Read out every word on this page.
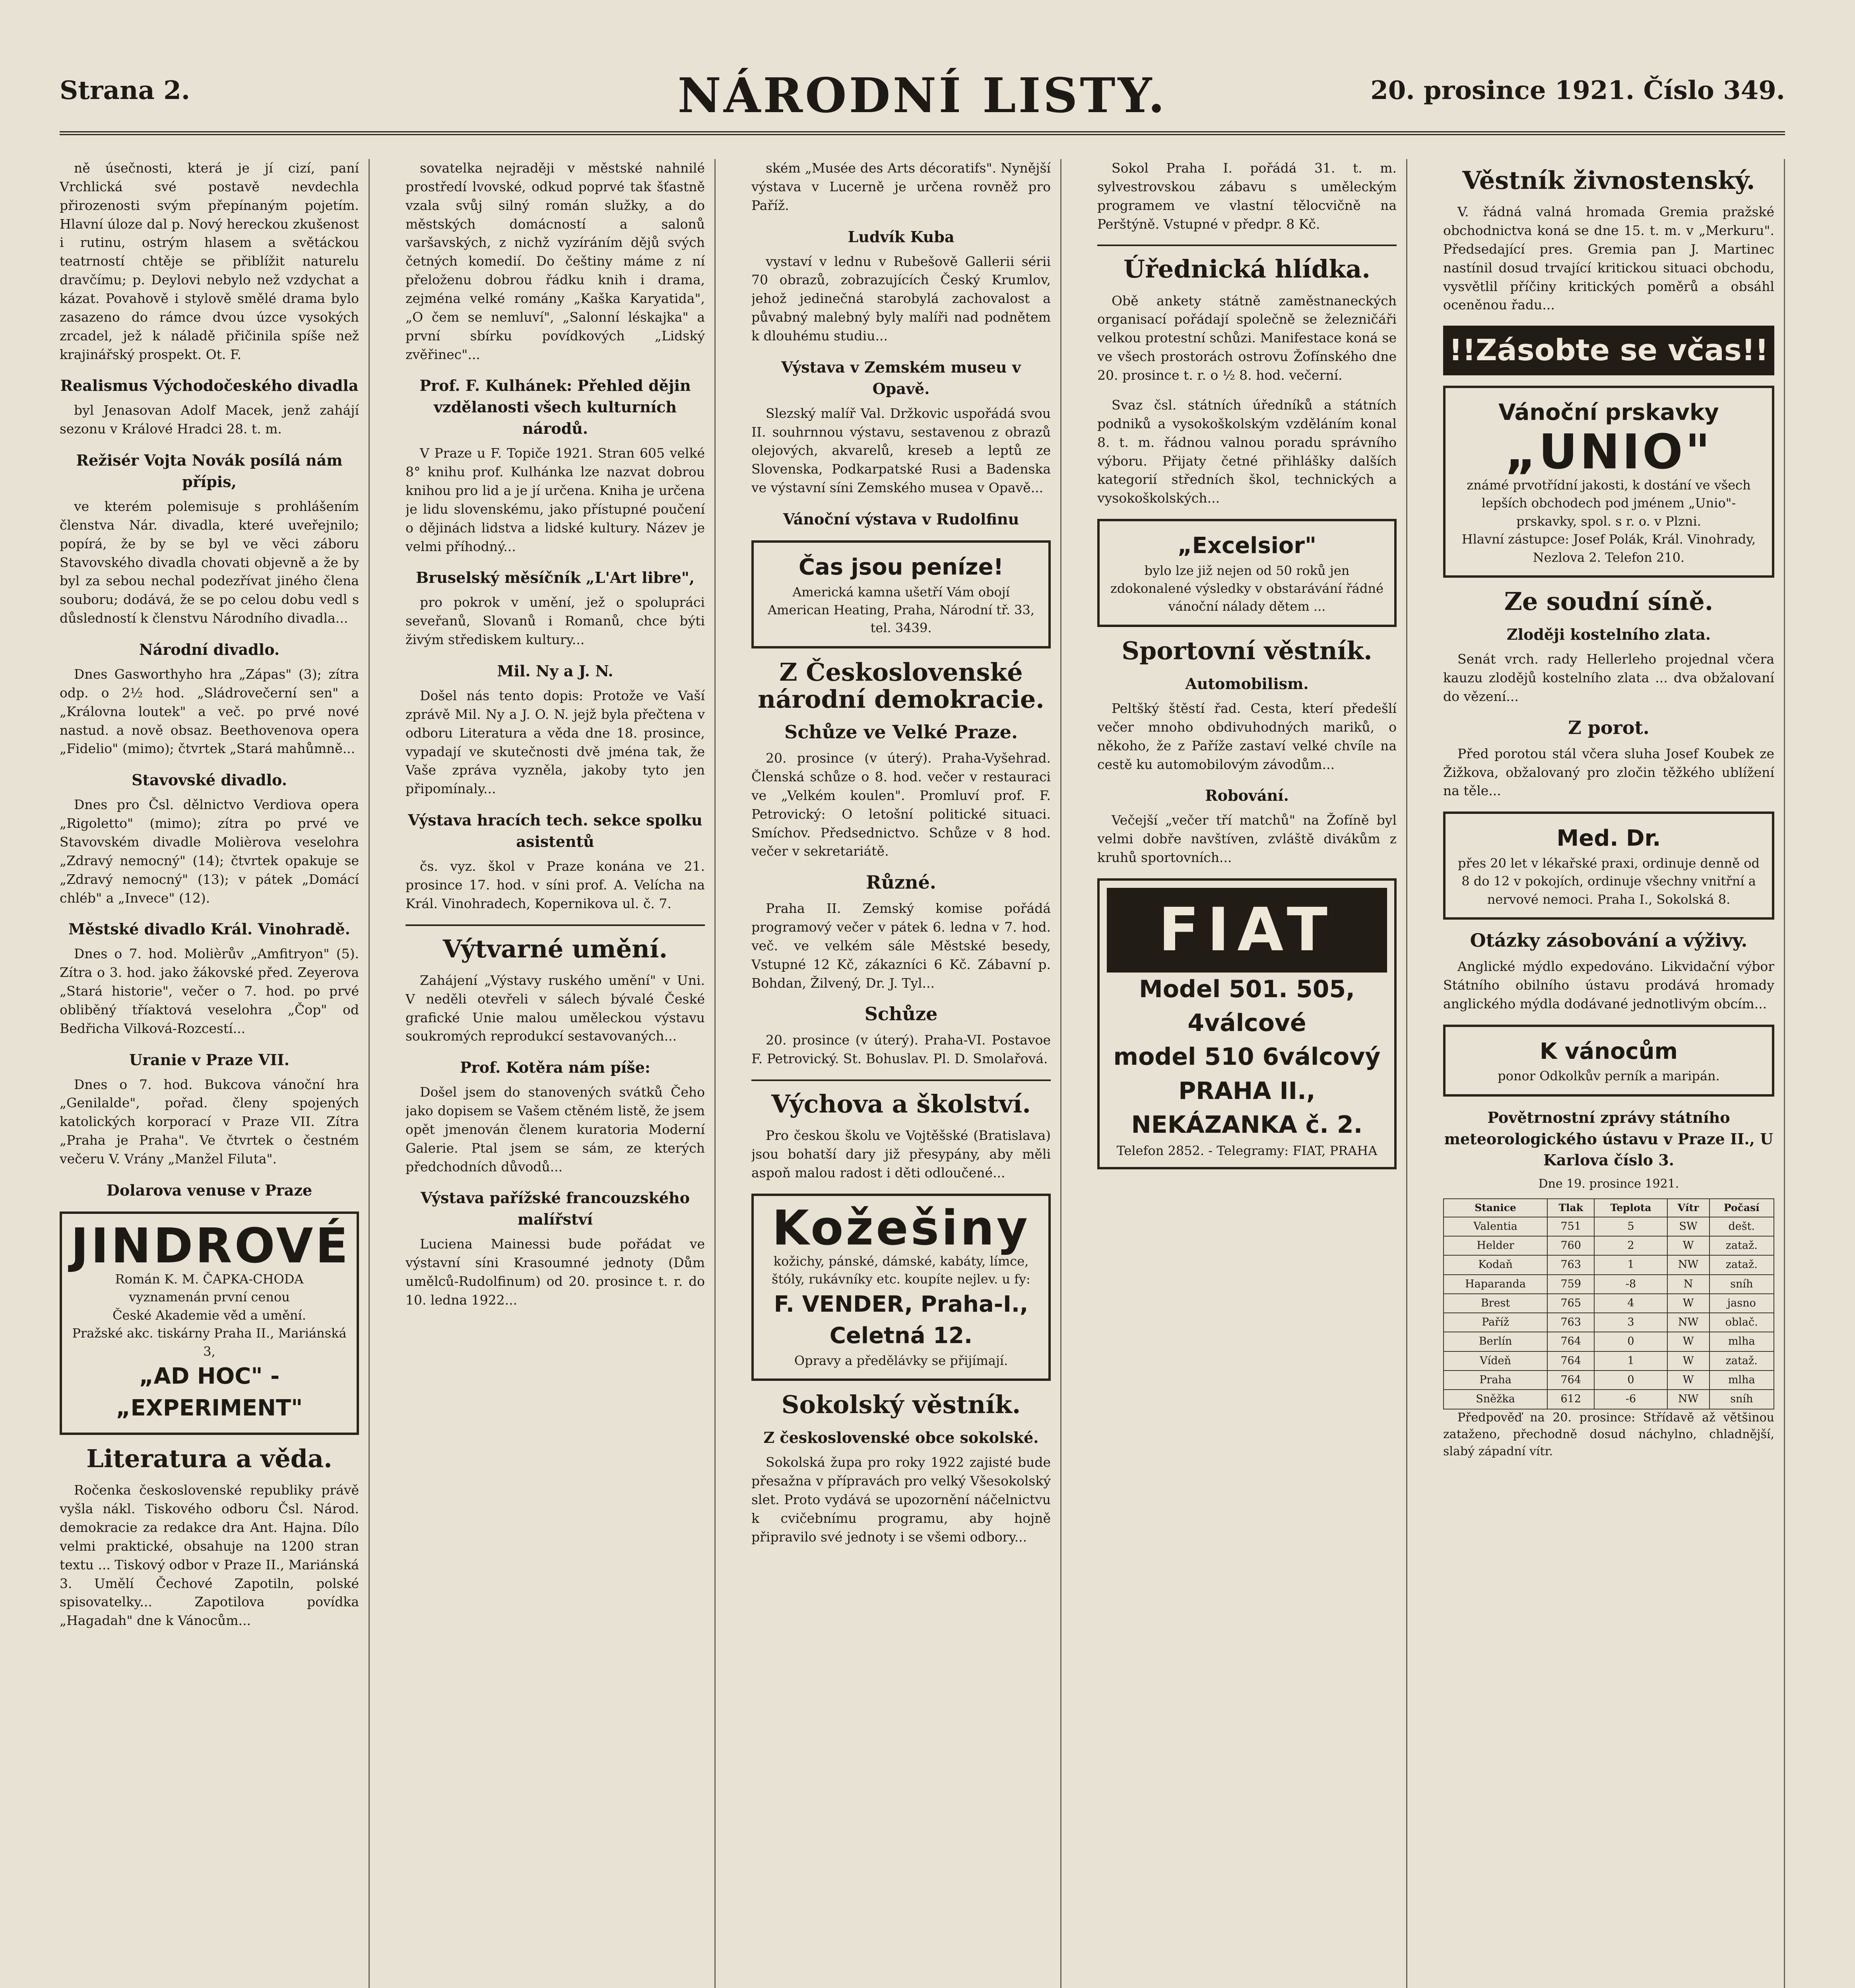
Strana 2.	NÁRODNÍ LISTY.	20. prosince 1921. Číslo 349.

ně úsečnosti, která je jí cizí, paní Vrchlická své postavě nevdechla přirozenosti svým přepínaným pojetím. Hlavní úloze dal p. Nový hereckou zkušenost i rutinu, ostrým hlasem a světáckou teatrností chtěje se přiblížit naturelu dravčímu; p. Deylovi nebylo než vzdychat a kázat. Povahově i stylově smělé drama bylo zasazeno do rámce dvou úzce vysokých zrcadel, jež k náladě přičinila spíše než krajinářský prospekt. Ot. F.

Realismus Východočeského divadla

byl Jenasovan Adolf Macek, jenž zahájí sezonu v Králové Hradci 28. t. m.

Režisér Vojta Novák posílá nám přípis,

ve kterém polemisuje s prohlášením členstva Nár. divadla, které uveřejnilo; popírá, že by se byl ve věci záboru Stavovského divadla chovati objevně a že by byl za sebou nechal podezřívat jiného člena souboru; dodává, že se po celou dobu vedl s důsledností k členstvu Národního divadla...

Národní divadlo.

Dnes Gasworthyho hra „Zápas" (3); zítra odp. o 2½ hod. „Sládrovečerní sen" a „Královna loutek" a več. po prvé nové nastud. a nově obsaz. Beethovenova opera „Fidelio" (mimo); čtvrtek „Stará mahůmně...

Stavovské divadlo.

Dnes pro Čsl. dělnictvo Verdiova opera „Rigoletto" (mimo); zítra po prvé ve Stavovském divadle Molièrova veselohra „Zdravý nemocný" (14); čtvrtek opakuje se „Zdravý nemocný" (13); v pátek „Domácí chléb" a „Invece" (12).

Městské divadlo Král. Vinohradě.

Dnes o 7. hod. Molièrův „Amfitryon" (5). Zítra o 3. hod. jako žákovské před. Zeyerova „Stará historie", večer o 7. hod. po prvé obliběný tříaktová veselohra „Čop" od Bedřicha Vilková-Rozcestí...

Uranie v Praze VII.

Dnes o 7. hod. Bukcova vánoční hra „Genilalde", pořad. členy spojených katolických korporací v Praze VII. Zítra „Praha je Praha". Ve čtvrtek o čestném večeru V. Vrány „Manžel Filuta".

Dolarova venuse v Praze
JINDROVÉ
Román K. M. ČAPKA-CHODA
vyznamenán první cenou
České Akademie věd a umění.
Pražské akc. tiskárny Praha II., Mariánská 3,
„AD HOC" - „EXPERIMENT"
Literatura a věda.

Ročenka československé republiky právě vyšla nákl. Tiskového odboru Čsl. Národ. demokracie za redakce dra Ant. Hajna. Dílo velmi praktické, obsahuje na 1200 stran textu ... Tiskový odbor v Praze II., Mariánská 3. Umělí Čechové Zapotiln, polské spisovatelky... Zapotilova povídka „Hagadah" dne k Vánocům...

sovatelka nejraději v městské nahnilé prostředí lvovské, odkud poprvé tak šťastně vzala svůj silný román služky, a do městských domácností a salonů varšavských, z nichž vyzíráním dějů svých četných komedií. Do češtiny máme z ní přeloženu dobrou řádku knih i drama, zejména velké romány „Kaška Karyatida", „O čem se nemluví", „Salonní léskajka" a první sbírku povídkových „Lidský zvěřinec"...

Prof. F. Kulhánek: Přehled dějin vzdělanosti všech kulturních národů.

V Praze u F. Topiče 1921. Stran 605 velké 8° knihu prof. Kulhánka lze nazvat dobrou knihou pro lid a je jí určena. Kniha je určena je lidu slovenskému, jako přístupné poučení o dějinách lidstva a lidské kultury. Název je velmi příhodný...

Bruselský měsíčník „L'Art libre",

pro pokrok v umění, jež o spolupráci seveřanů, Slovanů i Romanů, chce býti živým střediskem kultury...

Mil. Ny a J. N.

Došel nás tento dopis: Protože ve Vaší zprávě Mil. Ny a J. O. N. jejž byla přečtena v odboru Literatura a věda dne 18. prosince, vypadají ve skutečnosti dvě jména tak, že Vaše zpráva vyzněla, jakoby tyto jen připomínaly...

Výstava hracích tech. sekce spolku asistentů

čs. vyz. škol v Praze konána ve 21. prosince 17. hod. v síni prof. A. Velícha na Král. Vinohradech, Kopernikova ul. č. 7.

Výtvarné umění.

Zahájení „Výstavy ruského umění" v Uni. V neděli otevřeli v sálech bývalé České grafické Unie malou uměleckou výstavu soukromých reprodukcí sestavovaných...

Prof. Kotěra nám píše:

Došel jsem do stanovených svátků Čeho jako dopisem se Vašem ctěném listě, že jsem opět jmenován členem kuratoria Moderní Galerie. Ptal jsem se sám, ze kterých předchodních důvodů...

Výstava pařížské francouzského malířství

Luciena Mainessi bude pořádat ve výstavní síni Krasoumné jednoty (Dům umělců-Rudolfinum) od 20. prosince t. r. do 10. ledna 1922...

ském „Musée des Arts décoratifs". Nynější výstava v Lucerně je určena rovněž pro Paříž.

Ludvík Kuba

vystaví v lednu v Rubešově Gallerii sérii 70 obrazů, zobrazujících Český Krumlov, jehož jedinečná starobylá zachovalost a půvabný malebný byly malíři nad podnětem k dlouhému studiu...

Výstava v Zemském museu v Opavě.

Slezský malíř Val. Držkovic uspořádá svou II. souhrnnou výstavu, sestavenou z obrazů olejových, akvarelů, kreseb a leptů ze Slovenska, Podkarpatské Rusi a Badenska ve výstavní síni Zemského musea v Opavě...

Vánoční výstava v Rudolfinu
Čas jsou peníze!
Americká kamna ušetří Vám obojí
American Heating, Praha, Národní tř. 33, tel. 3439.
Z Československé národní demokracie.
Schůze ve Velké Praze.

20. prosince (v úterý). Praha-Vyšehrad. Členská schůze o 8. hod. večer v restauraci ve „Velkém koulen". Promluví prof. F. Petrovický: O letošní politické situaci. Smíchov. Předsednictvo. Schůze v 8 hod. večer v sekretariátě.

Různé.

Praha II. Zemský komise pořádá programový večer v pátek 6. ledna v 7. hod. več. ve velkém sále Městské besedy, Vstupné 12 Kč, zákazníci 6 Kč. Zábavní p. Bohdan, Žilvený, Dr. J. Tyl...

Schůze

20. prosince (v úterý). Praha-VI. Postavoe F. Petrovický. St. Bohuslav. Pl. D. Smolařová.

Výchova a školství.

Pro českou školu ve Vojtěšské (Bratislava) jsou bohatší dary již přesypány, aby měli aspoň malou radost i děti odloučené...

Kožešiny
kožichy, pánské, dámské, kabáty, límce, štóly, rukávníky etc. koupíte nejlev. u fy:
F. VENDER, Praha-I., Celetná 12.
Opravy a předělávky se přijímají.
Sokolský věstník.
Z československé obce sokolské.

Sokolská župa pro roky 1922 zajisté bude přesažna v přípravách pro velký Všesokolský slet. Proto vydává se upozornění náčelnictvu k cvičebnímu programu, aby hojně připravilo své jednoty i se všemi odbory...

Sokol Praha I. pořádá 31. t. m. sylvestrovskou zábavu s uměleckým programem ve vlastní tělocvičně na Perštýně. Vstupné v předpr. 8 Kč.

Úřednická hlídka.

Obě ankety státně zaměstnaneckých organisací pořádají společně se železničáři velkou protestní schůzi. Manifestace koná se ve všech prostorách ostrovu Žofínského dne 20. prosince t. r. o ½ 8. hod. večerní.

Svaz čsl. státních úředníků a státních podniků a vysokoškolským vzděláním konal 8. t. m. řádnou valnou poradu správního výboru. Přijaty četné přihlášky dalších kategorií středních škol, technických a vysokoškolských...

„Excelsior"
bylo lze již nejen od 50 roků jen zdokonalené výsledky v obstarávání řádné vánoční nálady dětem ...
Sportovní věstník.
Automobilism.

Peltšký štěstí řad. Cesta, kterí předešlí večer mnoho obdivuhodných mariků, o někoho, že z Paříže zastaví velké chvíle na cestě ku automobilovým závodům...

Robování.

Večejší „večer tří matchů" na Žofíně byl velmi dobře navštíven, zvláště divákům z kruhů sportovních...

FIAT
Model 501. 505, 4válcové
model 510 6válcový
PRAHA II., NEKÁZANKA č. 2.
Telefon 2852. - Telegramy: FIAT, PRAHA
Věstník živnostenský.

V. řádná valná hromada Gremia pražské obchodnictva koná se dne 15. t. m. v „Merkuru". Předsedající pres. Gremia pan J. Martinec nastínil dosud trvající kritickou situaci obchodu, vysvětlil příčiny kritických poměrů a obsáhl oceněnou řadu...

!!Zásobte se včas!!
Vánoční prskavky
„UNIO"
známé prvotřídní jakosti, k dostání ve všech lepších obchodech pod jménem „Unio"-prskavky, spol. s r. o. v Plzni.
Hlavní zástupce: Josef Polák, Král. Vinohrady, Nezlova 2. Telefon 210.
Ze soudní síně.
Zloději kostelního zlata.

Senát vrch. rady Hellerleho projednal včera kauzu zlodějů kostelního zlata ... dva obžalovaní do vězení...

Z porot.

Před porotou stál včera sluha Josef Koubek ze Žižkova, obžalovaný pro zločin těžkého ublížení na těle...

Med. Dr.
přes 20 let v lékařské praxi, ordinuje denně od 8 do 12 v pokojích, ordinuje všechny vnitřní a nervové nemoci. Praha I., Sokolská 8.
Otázky zásobování a výživy.

Anglické mýdlo expedováno. Likvidační výbor Státního obilního ústavu prodává hromady anglického mýdla dodávané jednotlivým obcím...

K vánocům
ponor Odkolkův perník a maripán.
Povětrnostní zprávy státního meteorologického ústavu v Praze II., U Karlova číslo 3.
Dne 19. prosince 1921.
Stanice	Tlak	Teplota	Vítr	Počasí
Valentia	751	5	SW	dešt.
Helder	760	2	W	zataž.
Kodaň	763	1	NW	zataž.
Haparanda	759	-8	N	sníh
Brest	765	4	W	jasno
Paříž	763	3	NW	oblač.
Berlín	764	0	W	mlha
Vídeň	764	1	W	zataž.
Praha	764	0	W	mlha
Sněžka	612	-6	NW	sníh

Předpověď na 20. prosince: Střídavě až většinou zataženo, přechodně dosud náchylno, chladnější, slabý západní vítr.
